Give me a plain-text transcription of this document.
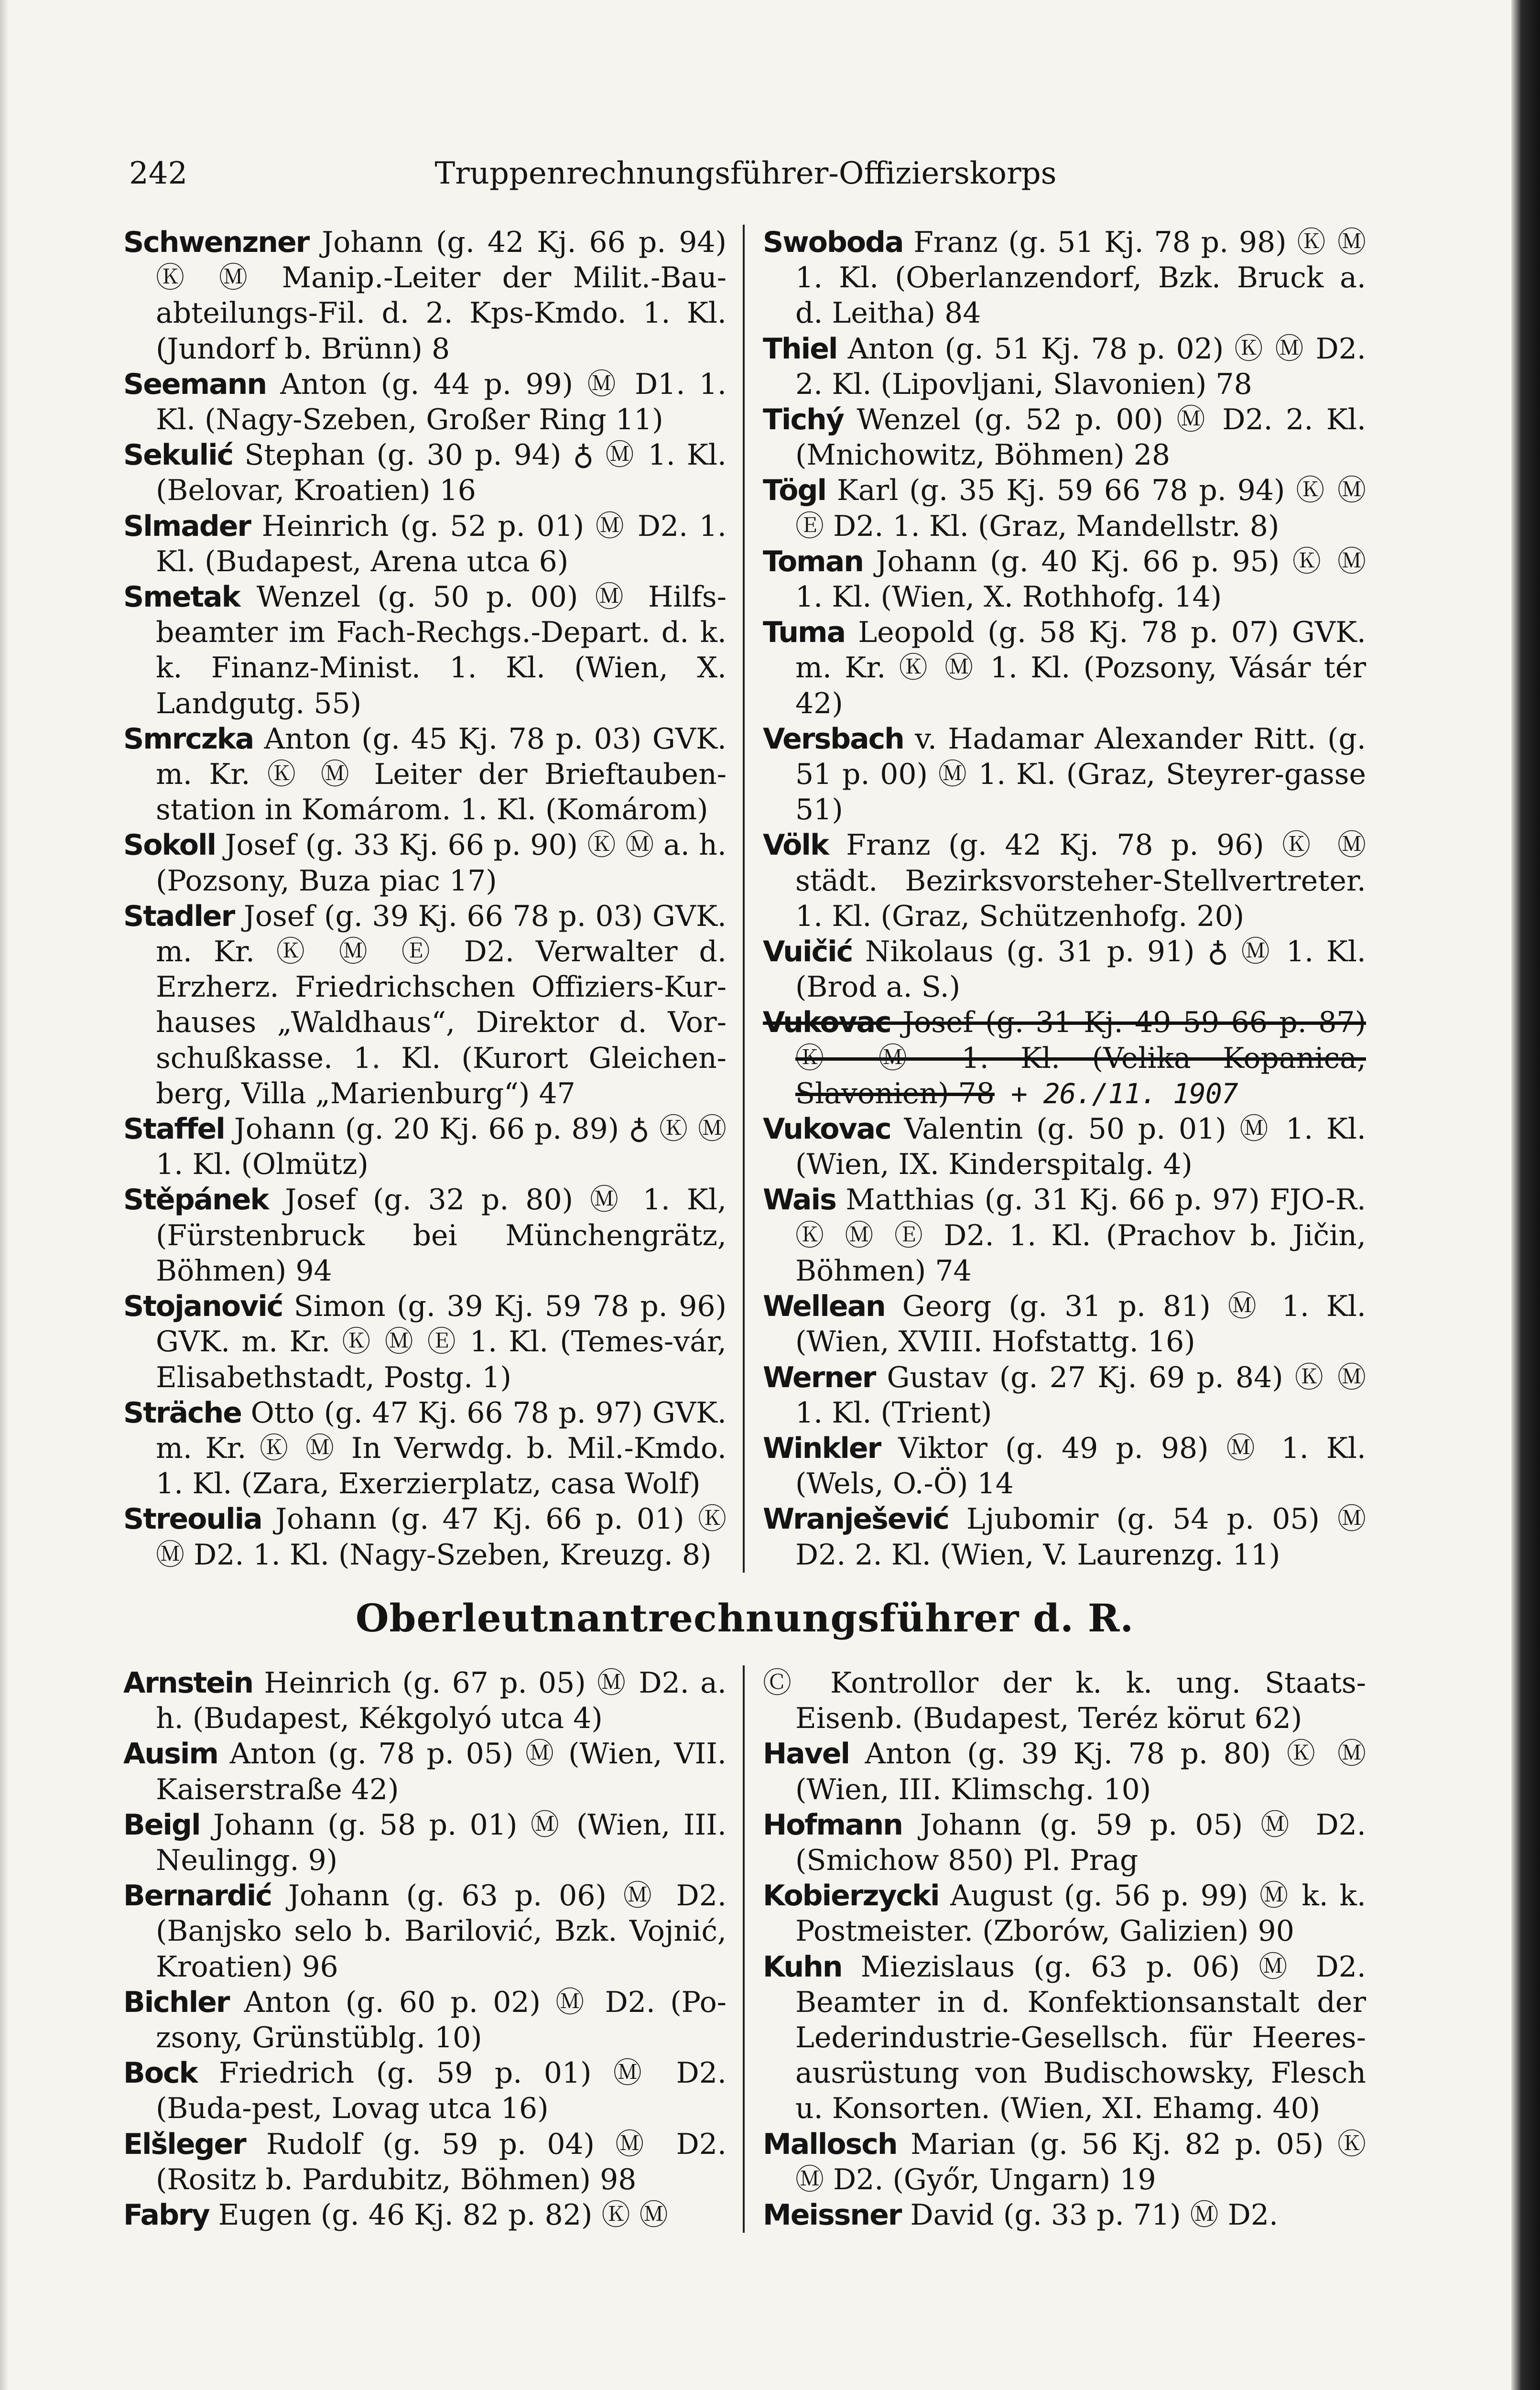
242	Truppenrechnungsführer-Offizierskorps

Schwenzner Johann (g. 42 Kj. 66 p. 94) Ⓚ Ⓜ Manip.-Leiter der Milit.-Bau-abteilungs-Fil. d. 2. Kps-Kmdo. 1. Kl. (Jundorf b. Brünn) 8

Seemann Anton (g. 44 p. 99) Ⓜ D1. 1. Kl. (Nagy-Szeben, Großer Ring 11)

Sekulić Stephan (g. 30 p. 94) ♁ Ⓜ 1. Kl. (Belovar, Kroatien) 16

Slmader Heinrich (g. 52 p. 01) Ⓜ D2. 1. Kl. (Budapest, Arena utca 6)

Smetak Wenzel (g. 50 p. 00) Ⓜ Hilfs-beamter im Fach-Rechgs.-Depart. d. k. k. Finanz-Minist. 1. Kl. (Wien, X. Landgutg. 55)

Smrczka Anton (g. 45 Kj. 78 p. 03) GVK. m. Kr. Ⓚ Ⓜ Leiter der Brieftauben-station in Komárom. 1. Kl. (Komárom)

Sokoll Josef (g. 33 Kj. 66 p. 90) Ⓚ Ⓜ a. h. (Pozsony, Buza piac 17)

Stadler Josef (g. 39 Kj. 66 78 p. 03) GVK. m. Kr. Ⓚ Ⓜ Ⓔ D2. Verwalter d. Erzherz. Friedrichschen Offiziers-Kur-hauses „Waldhaus“, Direktor d. Vor-schußkasse. 1. Kl. (Kurort Gleichen-berg, Villa „Marienburg“) 47

Staffel Johann (g. 20 Kj. 66 p. 89) ♁ Ⓚ Ⓜ 1. Kl. (Olmütz)

Stěpánek Josef (g. 32 p. 80) Ⓜ 1. Kl, (Fürstenbruck bei Münchengrätz, Böhmen) 94

Stojanović Simon (g. 39 Kj. 59 78 p. 96) GVK. m. Kr. Ⓚ Ⓜ Ⓔ 1. Kl. (Temes-vár, Elisabethstadt, Postg. 1)

Sträche Otto (g. 47 Kj. 66 78 p. 97) GVK. m. Kr. Ⓚ Ⓜ In Verwdg. b. Mil.-Kmdo. 1. Kl. (Zara, Exerzierplatz, casa Wolf)

Streoulia Johann (g. 47 Kj. 66 p. 01) Ⓚ Ⓜ D2. 1. Kl. (Nagy-Szeben, Kreuzg. 8)

Swoboda Franz (g. 51 Kj. 78 p. 98) Ⓚ Ⓜ 1. Kl. (Oberlanzendorf, Bzk. Bruck a. d. Leitha) 84

Thiel Anton (g. 51 Kj. 78 p. 02) Ⓚ Ⓜ D2. 2. Kl. (Lipovljani, Slavonien) 78

Tichý Wenzel (g. 52 p. 00) Ⓜ D2. 2. Kl. (Mnichowitz, Böhmen) 28

Tögl Karl (g. 35 Kj. 59 66 78 p. 94) Ⓚ Ⓜ Ⓔ D2. 1. Kl. (Graz, Mandellstr. 8)

Toman Johann (g. 40 Kj. 66 p. 95) Ⓚ Ⓜ 1. Kl. (Wien, X. Rothhofg. 14)

Tuma Leopold (g. 58 Kj. 78 p. 07) GVK. m. Kr. Ⓚ Ⓜ 1. Kl. (Pozsony, Vásár tér 42)

Versbach v. Hadamar Alexander Ritt. (g. 51 p. 00) Ⓜ 1. Kl. (Graz, Steyrer-gasse 51)

Völk Franz (g. 42 Kj. 78 p. 96) Ⓚ Ⓜ städt. Bezirksvorsteher-Stellvertreter. 1. Kl. (Graz, Schützenhofg. 20)

Vuičić Nikolaus (g. 31 p. 91) ♁ Ⓜ 1. Kl. (Brod a. S.)

Vukovac Josef (g. 31 Kj. 49 59 66 p. 87) Ⓚ Ⓜ 1. Kl. (Velika Kopanica, Slavonien) 78 + 26./11. 1907

Vukovac Valentin (g. 50 p. 01) Ⓜ 1. Kl. (Wien, IX. Kinderspitalg. 4)

Wais Matthias (g. 31 Kj. 66 p. 97) FJO-R. Ⓚ Ⓜ Ⓔ D2. 1. Kl. (Prachov b. Jičin, Böhmen) 74

Wellean Georg (g. 31 p. 81) Ⓜ 1. Kl. (Wien, XVIII. Hofstattg. 16)

Werner Gustav (g. 27 Kj. 69 p. 84) Ⓚ Ⓜ 1. Kl. (Trient)

Winkler Viktor (g. 49 p. 98) Ⓜ 1. Kl. (Wels, O.-Ö) 14

Wranješević Ljubomir (g. 54 p. 05) Ⓜ D2. 2. Kl. (Wien, V. Laurenzg. 11)

Oberleutnantrechnungsführer d. R.

Arnstein Heinrich (g. 67 p. 05) Ⓜ D2. a. h. (Budapest, Kékgolyó utca 4)

Ausim Anton (g. 78 p. 05) Ⓜ (Wien, VII. Kaiserstraße 42)

Beigl Johann (g. 58 p. 01) Ⓜ (Wien, III. Neulingg. 9)

Bernardić Johann (g. 63 p. 06) Ⓜ D2. (Banjsko selo b. Barilović, Bzk. Vojnić, Kroatien) 96

Bichler Anton (g. 60 p. 02) Ⓜ D2. (Po-zsony, Grünstüblg. 10)

Bock Friedrich (g. 59 p. 01) Ⓜ D2. (Buda-pest, Lovag utca 16)

Elšleger Rudolf (g. 59 p. 04) Ⓜ D2. (Rositz b. Pardubitz, Böhmen) 98

Fabry Eugen (g. 46 Kj. 82 p. 82) Ⓚ Ⓜ

Ⓒ Kontrollor der k. k. ung. Staats-Eisenb. (Budapest, Teréz körut 62)

Havel Anton (g. 39 Kj. 78 p. 80) Ⓚ Ⓜ (Wien, III. Klimschg. 10)

Hofmann Johann (g. 59 p. 05) Ⓜ D2. (Smichow 850) Pl. Prag

Kobierzycki August (g. 56 p. 99) Ⓜ k. k. Postmeister. (Zborów, Galizien) 90

Kuhn Miezislaus (g. 63 p. 06) Ⓜ D2. Beamter in d. Konfektionsanstalt der Lederindustrie-Gesellsch. für Heeres-ausrüstung von Budischowsky, Flesch u. Konsorten. (Wien, XI. Ehamg. 40)

Mallosch Marian (g. 56 Kj. 82 p. 05) Ⓚ Ⓜ D2. (Győr, Ungarn) 19

Meissner David (g. 33 p. 71) Ⓜ D2.
